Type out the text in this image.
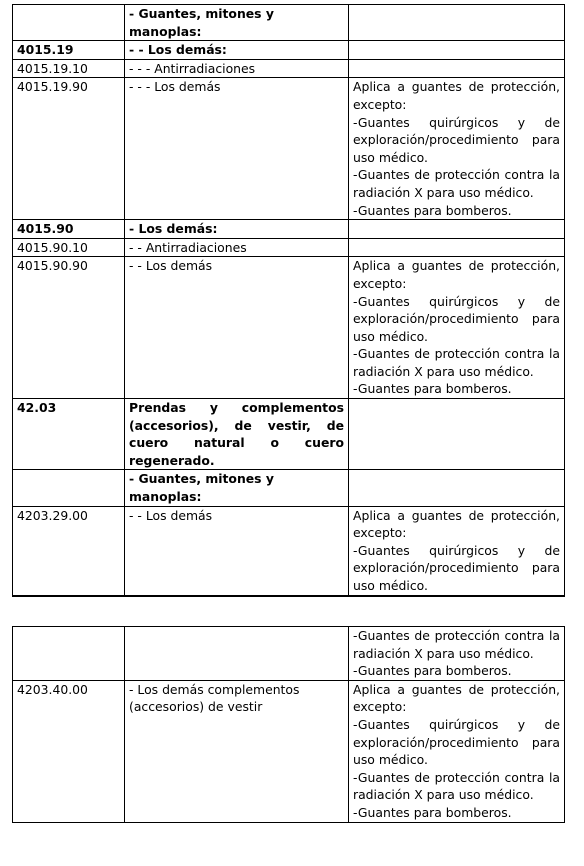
	- Guantes, mitones y manoplas:	
4015.19	- - Los demás:	
4015.19.10	- - - Antirradiaciones	
4015.19.90	- - - Los demás	Aplica a guantes de protección, excepto:
-Guantes quirúrgicos y de exploración/procedimiento para uso médico.
-Guantes de protección contra la radiación X para uso médico.
-Guantes para bomberos.

4015.90	- Los demás:	
4015.90.10	- - Antirradiaciones	
4015.90.90	- - Los demás	Aplica a guantes de protección, excepto:
-Guantes quirúrgicos y de exploración/procedimiento para uso médico.
-Guantes de protección contra la radiación X para uso médico.
-Guantes para bomberos.

42.03	Prendas y complementos (accesorios), de vestir, de cuero natural o cuero regenerado.	
	- Guantes, mitones y manoplas:	
4203.29.00	- - Los demás	Aplica a guantes de protección, excepto:
-Guantes quirúrgicos y de exploración/procedimiento para uso médico.

		-Guantes de protección contra la radiación X para uso médico.
-Guantes para bomberos.

4203.40.00	- Los demás complementos (accesorios) de vestir	Aplica a guantes de protección, excepto:
-Guantes quirúrgicos y de exploración/procedimiento para uso médico.
-Guantes de protección contra la radiación X para uso médico.
-Guantes para bomberos.
